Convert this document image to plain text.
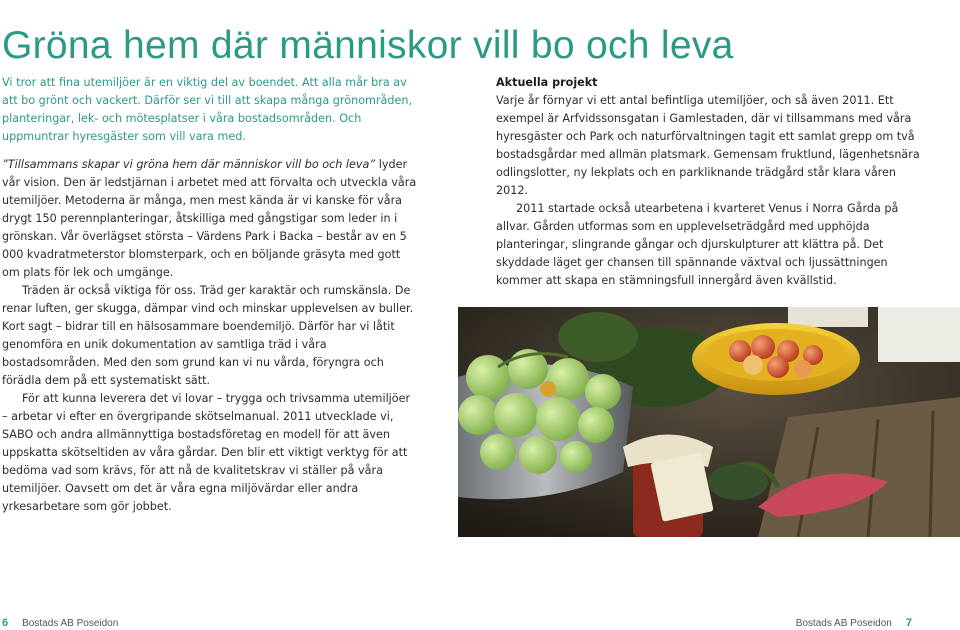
Gröna hem där människor vill bo och leva

Vi tror att fina utemiljöer är en viktig del av boendet. Att alla mår bra av att bo grönt och vackert. Därför ser vi till att skapa många grönområden, planteringar, lek- och mötesplatser i våra bostadsområden. Och uppmuntrar hyresgäster som vill vara med.

”Tillsammans skapar vi gröna hem där människor vill bo och leva” lyder vår vision. Den är ledstjärnan i arbetet med att förvalta och utveckla våra utemiljöer. Metoderna är många, men mest kända är vi kanske för våra drygt 150 perennplanteringar, åtskilliga med gångstigar som leder in i grönskan. Vår överlägset största – Värdens Park i Backa – består av en 5 000 kvadratmeterstor blomsterpark, och en böljande gräsyta med gott om plats för lek och umgänge.

Träden är också viktiga för oss. Träd ger karaktär och rumskänsla. De renar luften, ger skugga, dämpar vind och minskar upplevelsen av buller. Kort sagt – bidrar till en hälsosammare boendemiljö. Därför har vi låtit genomföra en unik dokumentation av samtliga träd i våra bostadsområden. Med den som grund kan vi nu vårda, föryngra och förädla dem på ett systematiskt sätt.

För att kunna leverera det vi lovar – trygga och trivsamma utemiljöer – arbetar vi efter en övergripande skötselmanual. 2011 utvecklade vi, SABO och andra allmännyttiga bostadsföretag en modell för att även uppskatta skötseltiden av våra gårdar. Den blir ett viktigt verktyg för att bedöma vad som krävs, för att nå de kvalitetskrav vi ställer på våra utemiljöer. Oavsett om det är våra egna miljövärdar eller andra yrkesarbetare som gör jobbet.

Aktuella projekt

Varje år förnyar vi ett antal befintliga utemiljöer, och så även 2011. Ett exempel är Arfvidssonsgatan i Gamlestaden, där vi tillsammans med våra hyresgäster och Park och naturförvaltningen tagit ett samlat grepp om två bostadsgårdar med allmän platsmark. Gemensam fruktlund, lägenhetsnära odlingslotter, ny lekplats och en parkliknande trädgård står klara våren 2012.

2011 startade också utearbetena i kvarteret Venus i Norra Gårda på allvar. Gården utformas som en upplevelseträdgård med upphöjda planteringar, slingrande gångar och djurskulpturer att klättra på. Det skyddade läget ger chansen till spännande växtval och ljussättningen kommer att skapa en stämningsfull innergård även kvällstid.

6 Bostads AB Poseidon	Bostads AB Poseidon 7
